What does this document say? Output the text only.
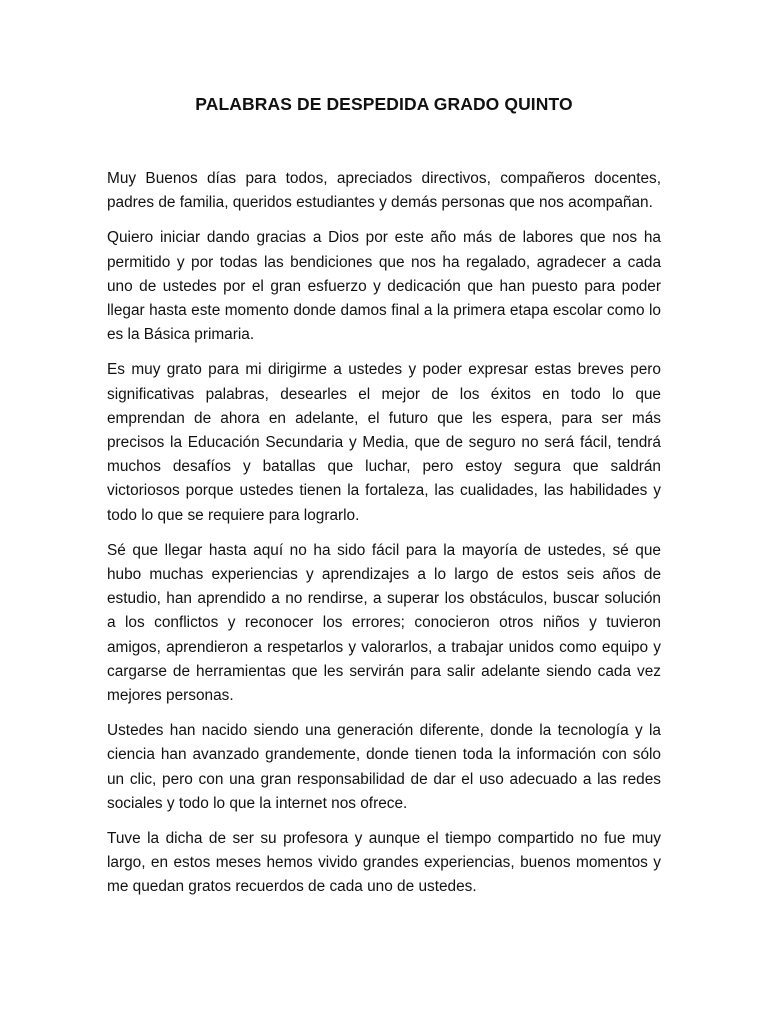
PALABRAS DE DESPEDIDA GRADO QUINTO

Muy Buenos días para todos, apreciados directivos, compañeros docentes, padres de familia, queridos estudiantes y demás personas que nos acompañan.

Quiero iniciar dando gracias a Dios por este año más de labores que nos ha permitido y por todas las bendiciones que nos ha regalado, agradecer a cada uno de ustedes por el gran esfuerzo y dedicación que han puesto para poder llegar hasta este momento donde damos final a la primera etapa escolar como lo es la Básica primaria.

Es muy grato para mi dirigirme a ustedes y poder expresar estas breves pero significativas palabras, desearles el mejor de los éxitos en todo lo que emprendan de ahora en adelante, el futuro que les espera, para ser más precisos la Educación Secundaria y Media, que de seguro no será fácil, tendrá muchos desafíos y batallas que luchar, pero estoy segura que saldrán victoriosos porque ustedes tienen la fortaleza, las cualidades, las habilidades y todo lo que se requiere para lograrlo.

Sé que llegar hasta aquí no ha sido fácil para la mayoría de ustedes, sé que hubo muchas experiencias y aprendizajes a lo largo de estos seis años de estudio, han aprendido a no rendirse, a superar los obstáculos, buscar solución a los conflictos y reconocer los errores; conocieron otros niños y tuvieron amigos, aprendieron a respetarlos y valorarlos, a trabajar unidos como equipo y cargarse de herramientas que les servirán para salir adelante siendo cada vez mejores personas.

Ustedes han nacido siendo una generación diferente, donde la tecnología y la ciencia han avanzado grandemente, donde tienen toda la información con sólo un clic, pero con una gran responsabilidad de dar el uso adecuado a las redes sociales y todo lo que la internet nos ofrece.

Tuve la dicha de ser su profesora y aunque el tiempo compartido no fue muy largo, en estos meses hemos vivido grandes experiencias, buenos momentos y me quedan gratos recuerdos de cada uno de ustedes.
